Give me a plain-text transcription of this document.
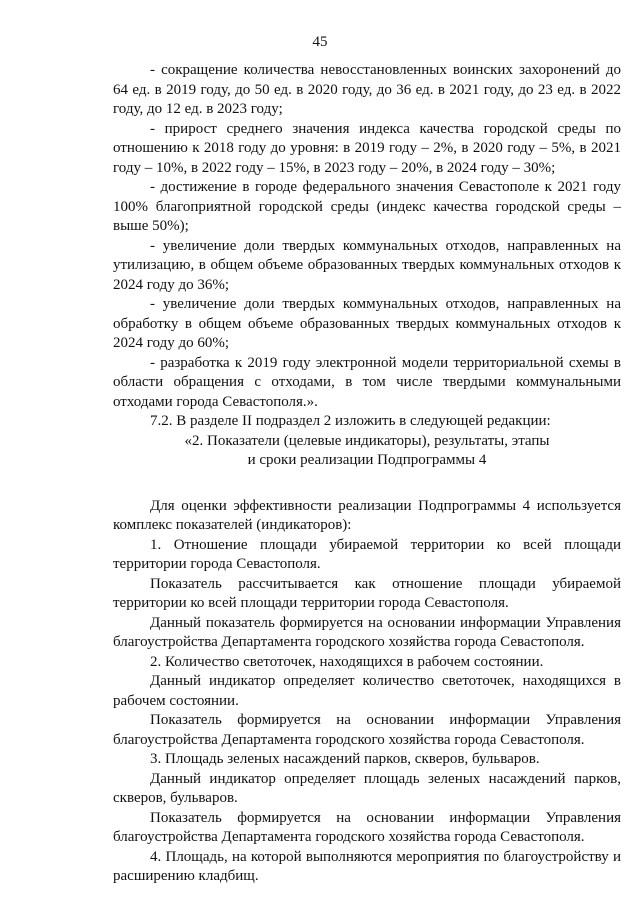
45

- сокращение количества невосстановленных воинских захоронений до 64 ед. в 2019 году, до 50 ед. в 2020 году, до 36 ед. в 2021 году, до 23 ед. в 2022 году, до 12 ед. в 2023 году;

- прирост среднего значения индекса качества городской среды по отношению к 2018 году до уровня: в 2019 году – 2%, в 2020 году – 5%, в 2021 году – 10%, в 2022 году – 15%, в 2023 году – 20%, в 2024 году – 30%;

- достижение в городе федерального значения Севастополе к 2021 году 100% благоприятной городской среды (индекс качества городской среды – выше 50%);

- увеличение доли твердых коммунальных отходов, направленных на утилизацию, в общем объеме образованных твердых коммунальных отходов к 2024 году до 36%;

- увеличение доли твердых коммунальных отходов, направленных на обработку в общем объеме образованных твердых коммунальных отходов к 2024 году до 60%;

- разработка к 2019 году электронной модели территориальной схемы в области обращения с отходами, в том числе твердыми коммунальными отходами города Севастополя.».

7.2. В разделе II подраздел 2 изложить в следующей редакции:

«2. Показатели (целевые индикаторы), результаты, этапы

и сроки реализации Подпрограммы 4

Для оценки эффективности реализации Подпрограммы 4 используется комплекс показателей (индикаторов):

1. Отношение площади убираемой территории ко всей площади территории города Севастополя.

Показатель рассчитывается как отношение площади убираемой территории ко всей площади территории города Севастополя.

Данный показатель формируется на основании информации Управления благоустройства Департамента городского хозяйства города Севастополя.

2. Количество светоточек, находящихся в рабочем состоянии.

Данный индикатор определяет количество светоточек, находящихся в рабочем состоянии.

Показатель формируется на основании информации Управления благоустройства Департамента городского хозяйства города Севастополя.

3. Площадь зеленых насаждений парков, скверов, бульваров.

Данный индикатор определяет площадь зеленых насаждений парков, скверов, бульваров.

Показатель формируется на основании информации Управления благоустройства Департамента городского хозяйства города Севастополя.

4. Площадь, на которой выполняются мероприятия по благоустройству и расширению кладбищ.
